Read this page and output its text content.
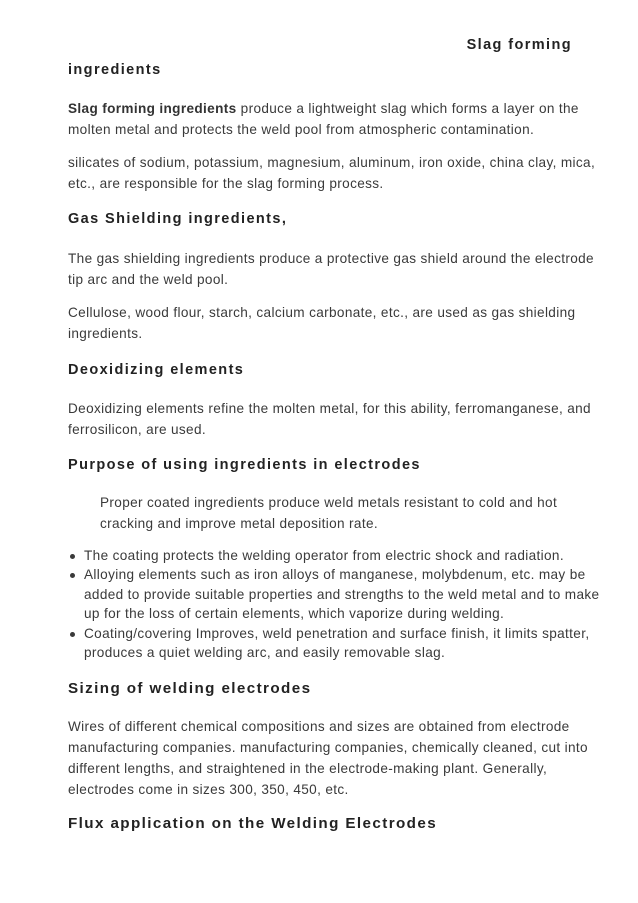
Slag forming
ingredients

Slag forming ingredients produce a lightweight slag which forms a layer on the molten metal and protects the weld pool from atmospheric contamination.

silicates of sodium, potassium, magnesium, aluminum, iron oxide, china clay, mica, etc., are responsible for the slag forming process.

Gas Shielding ingredients,

The gas shielding ingredients produce a protective gas shield around the electrode tip arc and the weld pool.

Cellulose, wood flour, starch, calcium carbonate, etc., are used as gas shielding ingredients.

Deoxidizing elements

Deoxidizing elements refine the molten metal, for this ability, ferromanganese, and ferrosilicon, are used.

Purpose of using ingredients in electrodes

Proper coated ingredients produce weld metals resistant to cold and hot cracking and improve metal deposition rate.

The coating protects the welding operator from electric shock and radiation.
Alloying elements such as iron alloys of manganese, molybdenum, etc. may be added to provide suitable properties and strengths to the weld metal and to make up for the loss of certain elements, which vaporize during welding.
Coating/covering Improves, weld penetration and surface finish, it limits spatter, produces a quiet welding arc, and easily removable slag.
Sizing of welding electrodes

Wires of different chemical compositions and sizes are obtained from electrode manufacturing companies. manufacturing companies, chemically cleaned, cut into different lengths, and straightened in the electrode-making plant. Generally, electrodes come in sizes 300, 350, 450, etc.

Flux application on the Welding Electrodes
